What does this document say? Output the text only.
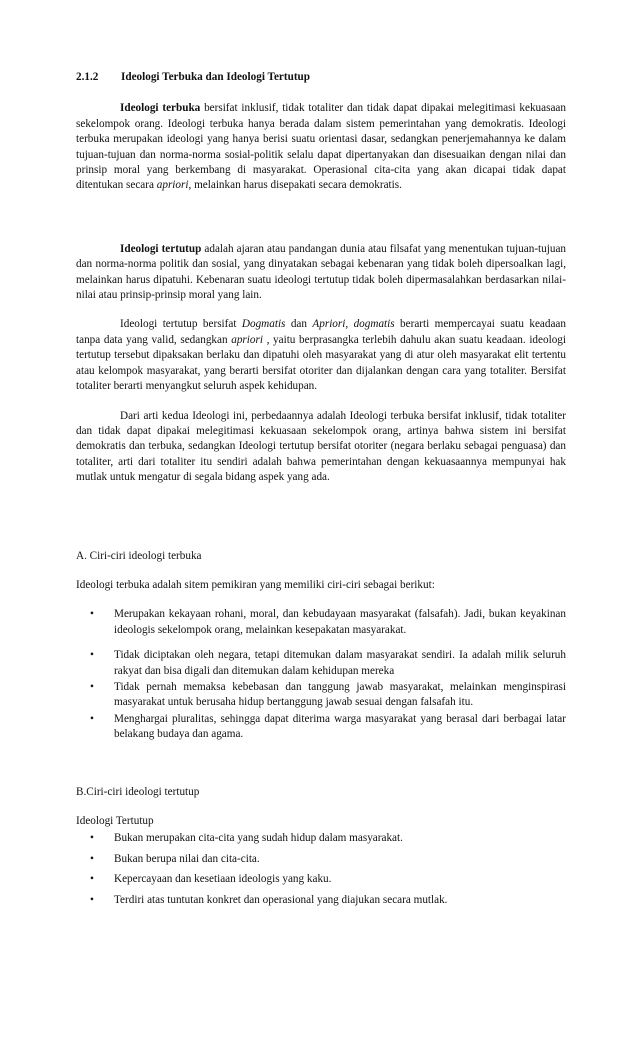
2.1.2 Ideologi Terbuka dan Ideologi Tertutup

Ideologi terbuka bersifat inklusif, tidak totaliter dan tidak dapat dipakai melegitimasi kekuasaan sekelompok orang. Ideologi terbuka hanya berada dalam sistem pemerintahan yang demokratis. Ideologi terbuka merupakan ideologi yang hanya berisi suatu orientasi dasar, sedangkan penerjemahannya ke dalam tujuan-tujuan dan norma-norma sosial-politik selalu dapat dipertanyakan dan disesuaikan dengan nilai dan prinsip moral yang berkembang di masyarakat. Operasional cita-cita yang akan dicapai tidak dapat ditentukan secara apriori, melainkan harus disepakati secara demokratis.

Ideologi tertutup adalah ajaran atau pandangan dunia atau filsafat yang menentukan tujuan-tujuan dan norma-norma politik dan sosial, yang dinyatakan sebagai kebenaran yang tidak boleh dipersoalkan lagi, melainkan harus dipatuhi. Kebenaran suatu ideologi tertutup tidak boleh dipermasalahkan berdasarkan nilai-nilai atau prinsip-prinsip moral yang lain.

Ideologi tertutup bersifat Dogmatis dan Apriori, dogmatis berarti mempercayai suatu keadaan tanpa data yang valid, sedangkan apriori , yaitu berprasangka terlebih dahulu akan suatu keadaan. ideologi tertutup tersebut dipaksakan berlaku dan dipatuhi oleh masyarakat yang di atur oleh masyarakat elit tertentu atau kelompok masyarakat, yang berarti bersifat otoriter dan dijalankan dengan cara yang totaliter. Bersifat totaliter berarti menyangkut seluruh aspek kehidupan.

Dari arti kedua Ideologi ini, perbedaannya adalah Ideologi terbuka bersifat inklusif, tidak totaliter dan tidak dapat dipakai melegitimasi kekuasaan sekelompok orang, artinya bahwa sistem ini bersifat demokratis dan terbuka, sedangkan Ideologi tertutup bersifat otoriter (negara berlaku sebagai penguasa) dan totaliter, arti dari totaliter itu sendiri adalah bahwa pemerintahan dengan kekuasaannya mempunyai hak mutlak untuk mengatur di segala bidang aspek yang ada.

A. Ciri-ciri ideologi terbuka

Ideologi terbuka adalah sitem pemikiran yang memiliki ciri-ciri sebagai berikut:

• Merupakan kekayaan rohani, moral, dan kebudayaan masyarakat (falsafah). Jadi, bukan keyakinan ideologis sekelompok orang, melainkan kesepakatan masyarakat.
• Tidak diciptakan oleh negara, tetapi ditemukan dalam masyarakat sendiri. Ia adalah milik seluruh rakyat dan bisa digali dan ditemukan dalam kehidupan mereka
• Tidak pernah memaksa kebebasan dan tanggung jawab masyarakat, melainkan menginspirasi masyarakat untuk berusaha hidup bertanggung jawab sesuai dengan falsafah itu.
• Menghargai pluralitas, sehingga dapat diterima warga masyarakat yang berasal dari berbagai latar belakang budaya dan agama.

B.Ciri-ciri ideologi tertutup

Ideologi Tertutup

• Bukan merupakan cita-cita yang sudah hidup dalam masyarakat.
• Bukan berupa nilai dan cita-cita.
• Kepercayaan dan kesetiaan ideologis yang kaku.
• Terdiri atas tuntutan konkret dan operasional yang diajukan secara mutlak.
